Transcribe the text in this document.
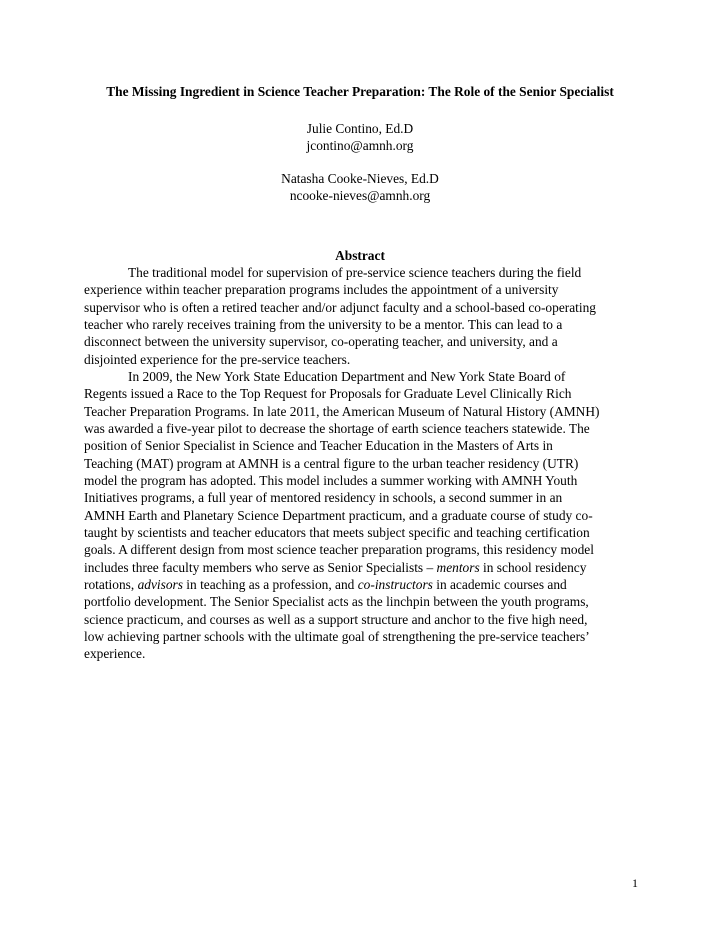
The Missing Ingredient in Science Teacher Preparation: The Role of the Senior Specialist
Julie Contino, Ed.D
jcontino@amnh.org
Natasha Cooke-Nieves, Ed.D
ncooke-nieves@amnh.org
Abstract
The traditional model for supervision of pre-service science teachers during the field
experience within teacher preparation programs includes the appointment of a university
supervisor who is often a retired teacher and/or adjunct faculty and a school-based co-operating
teacher who rarely receives training from the university to be a mentor. This can lead to a
disconnect between the university supervisor, co-operating teacher, and university, and a
disjointed experience for the pre-service teachers.
In 2009, the New York State Education Department and New York State Board of
Regents issued a Race to the Top Request for Proposals for Graduate Level Clinically Rich
Teacher Preparation Programs. In late 2011, the American Museum of Natural History (AMNH)
was awarded a five-year pilot to decrease the shortage of earth science teachers statewide. The
position of Senior Specialist in Science and Teacher Education in the Masters of Arts in
Teaching (MAT) program at AMNH is a central figure to the urban teacher residency (UTR)
model the program has adopted. This model includes a summer working with AMNH Youth
Initiatives programs, a full year of mentored residency in schools, a second summer in an
AMNH Earth and Planetary Science Department practicum, and a graduate course of study co-
taught by scientists and teacher educators that meets subject specific and teaching certification
goals. A different design from most science teacher preparation programs, this residency model
includes three faculty members who serve as Senior Specialists – mentors in school residency
rotations, advisors in teaching as a profession, and co-instructors in academic courses and
portfolio development. The Senior Specialist acts as the linchpin between the youth programs,
science practicum, and courses as well as a support structure and anchor to the five high need,
low achieving partner schools with the ultimate goal of strengthening the pre-service teachers’
experience.
1
